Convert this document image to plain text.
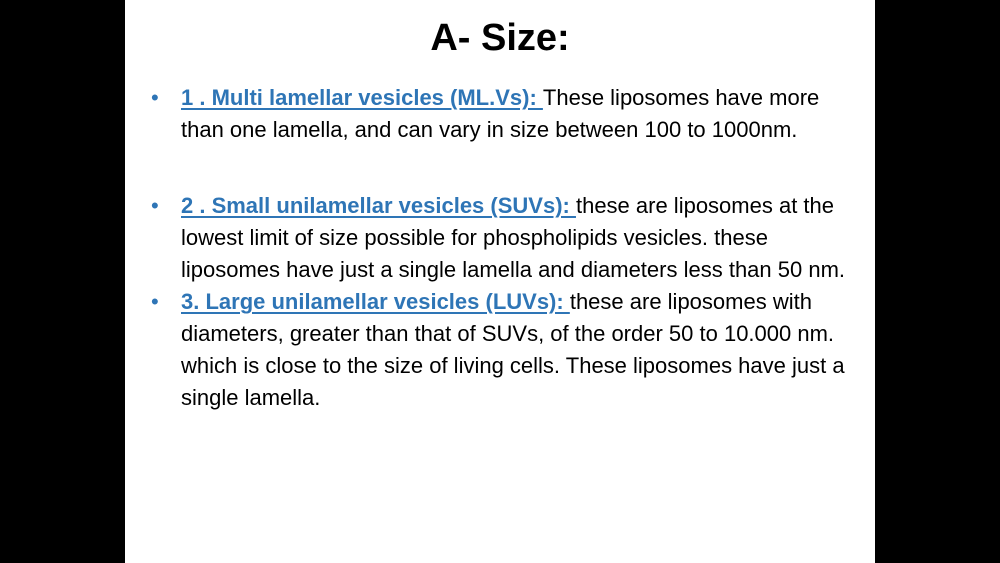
A- Size:
• 1 . Multi lamellar vesicles (ML.Vs): These liposomes have more than one lamella, and can vary in size between 100 to 1000nm.
• 2 . Small unilamellar vesicles (SUVs): these are liposomes at the lowest limit of size possible for phospholipids vesicles. these liposomes have just a single lamella and diameters less than 50 nm.
• 3. Large unilamellar vesicles (LUVs): these are liposomes with diameters, greater than that of SUVs, of the order 50 to 10.000 nm. which is close to the size of living cells. These liposomes have just a single lamella.
